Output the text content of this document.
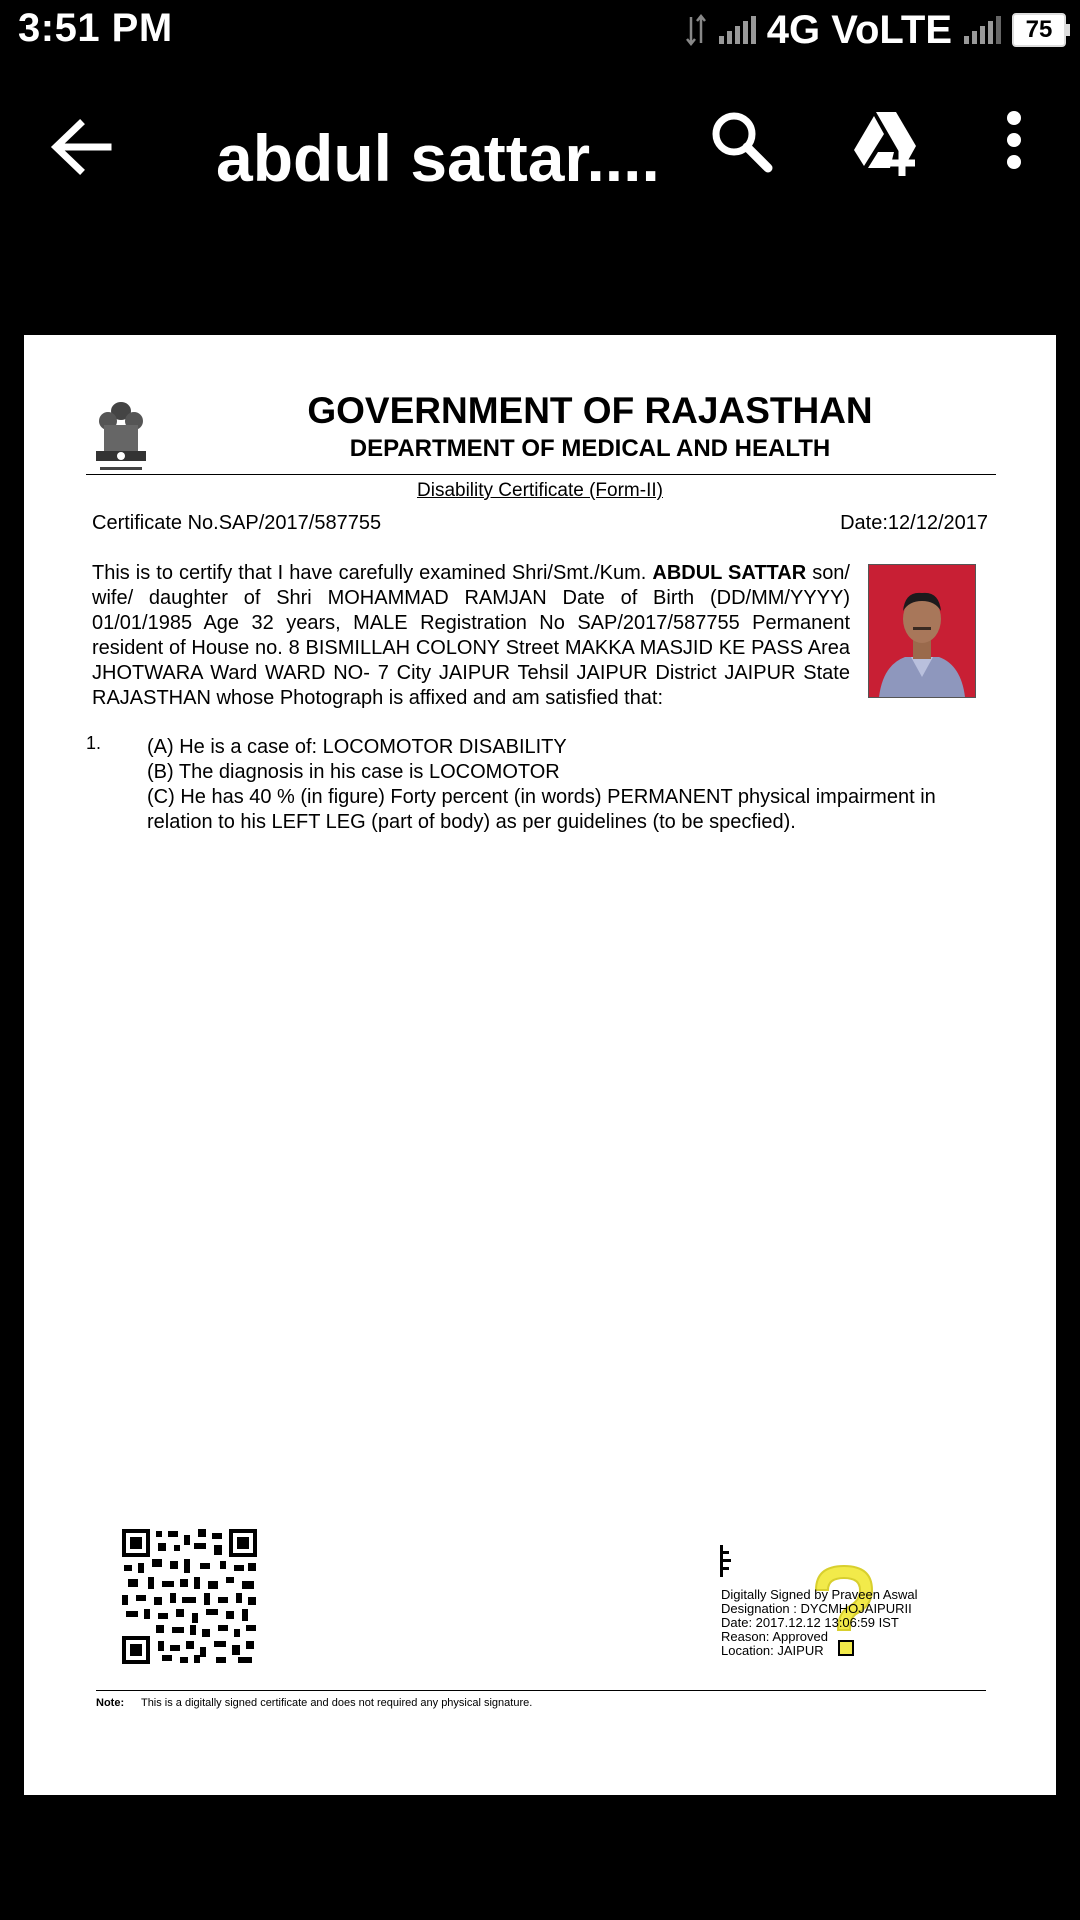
3:51 PM	4G VoLTE	75
abdul sattar....
GOVERNMENT OF RAJASTHAN
DEPARTMENT OF MEDICAL AND HEALTH
Disability Certificate (Form-II)
Certificate No.SAP/2017/587755	Date:12/12/2017
This is to certify that I have carefully examined Shri/Smt./Kum. ABDUL SATTAR son/ wife/ daughter of Shri MOHAMMAD RAMJAN Date of Birth (DD/MM/YYYY) 01/01/1985 Age 32 years, MALE Registration No SAP/2017/587755 Permanent resident of House no. 8 BISMILLAH COLONY Street MAKKA MASJID KE PASS Area JHOTWARA Ward WARD NO- 7 City JAIPUR Tehsil JAIPUR District JAIPUR State RAJASTHAN whose Photograph is affixed and am satisfied that:
1. (A) He is a case of: LOCOMOTOR DISABILITY
(B) The diagnosis in his case is LOCOMOTOR
(C) He has 40 % (in figure) Forty percent (in words) PERMANENT physical impairment in
relation to his LEFT LEG (part of body) as per guidelines (to be specfied).
Digitally Signed by Praveen Aswal
Designation : DYCMHOJAIPURII
Date: 2017.12.12 13:06:59 IST
Reason: Approved
Location: JAIPUR
Note: This is a digitally signed certificate and does not required any physical signature.
